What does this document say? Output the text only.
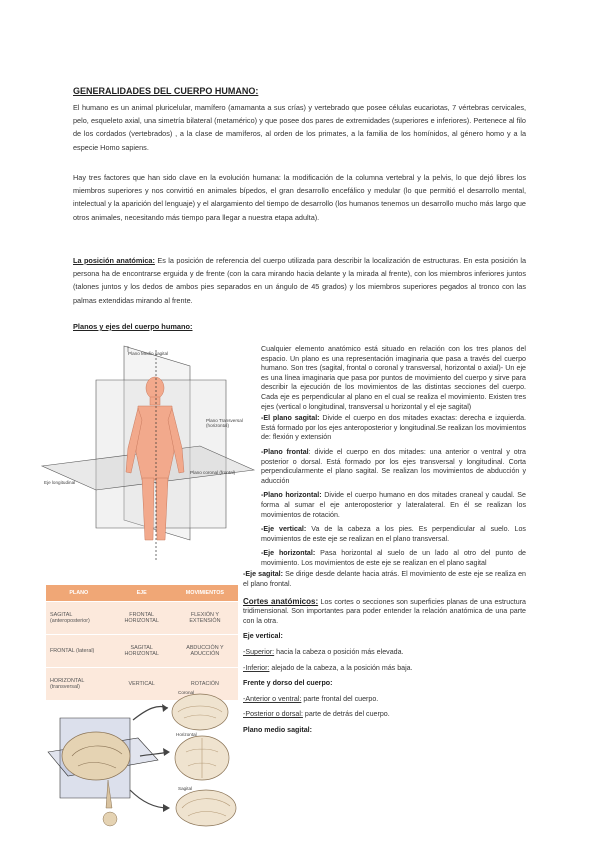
GENERALIDADES DEL CUERPO HUMANO:

El humano es un animal pluricelular, mamífero (amamanta a sus crías) y vertebrado que posee células eucariotas, 7 vértebras cervicales, pelo, esqueleto axial, una simetría bilateral (metamérico) y que posee dos pares de extremidades (superiores e inferiores). Pertenece al filo de los cordados (vertebrados) , a la clase de mamíferos, al orden de los primates, a la familia de los homínidos, al género homo y a la especie Homo sapiens.

Hay tres factores que han sido clave en la evolución humana: la modificación de la columna vertebral y la pelvis, lo que dejó libres los miembros superiores y nos convirtió en animales bípedos, el gran desarrollo encefálico y medular (lo que permitió el desarrollo mental, intelectual y la aparición del lenguaje) y el alargamiento del tiempo de desarrollo (los humanos tenemos un desarrollo mucho más largo que otros animales, necesitando más tiempo para llegar a nuestra etapa adulta).

La posición anatómica: Es la posición de referencia del cuerpo utilizada para describir la localización de estructuras. En esta posición la persona ha de encontrarse erguida y de frente (con la cara mirando hacia delante y la mirada al frente), con los miembros inferiores juntos (talones juntos y los dedos de ambos pies separados en un ángulo de 45 grados) y los miembros superiores pegados al tronco con las palmas extendidas mirando al frente.

Planos y ejes del cuerpo humano:
Plano Medio sagital
Plano Transversal (horizontal)
Plano coronal (frontal)
Eje longitudinal

Cualquier elemento anatómico está situado en relación con los tres planos del espacio. Un plano es una representación imaginaria que pasa a través del cuerpo humano. Son tres (sagital, frontal o coronal y transversal, horizontal o axial)- Un eje es una línea imaginaria que pasa por puntos de movimiento del cuerpo y sirve para describir la ejecución de los movimientos de las distintas secciones del cuerpo. Cada eje es perpendicular al plano en el cual se realiza el movimiento. Existen tres ejes (vertical o longitudinal, transversal u horizontal y el eje sagital)

-El plano sagital: Divide el cuerpo en dos mitades exactas: derecha e izquierda. Está formado por los ejes anteroposterior y longitudinal.Se realizan los movimientos de: flexión y extensión

-Plano frontal: divide el cuerpo en dos mitades: una anterior o ventral y otra posterior o dorsal. Está formado por los ejes transversal y longitudinal. Corta perpendicularmente el plano sagital. Se realizan los movimientos de abducción y aducción

-Plano horizontal: Divide el cuerpo humano en dos mitades craneal y caudal. Se forma al sumar el eje anteroposterior y lateralateral. En él se realizan los movimientos de rotación.

-Eje vertical: Va de la cabeza a los pies. Es perpendicular al suelo. Los movimientos de este eje se realizan en el plano transversal.

-Eje horizontal: Pasa horizontal al suelo de un lado al otro del punto de movimiento. Los movimientos de este eje se realizan en el plano sagital

-Eje sagital: Se dirige desde delante hacia atrás. El movimiento de este eje se realiza en el plano frontal.

Cortes anatómicos: Los cortes o secciones son superficies planas de una estructura tridimensional. Son importantes para poder entender la relación anatómica de una parte con la otra.

Eje vertical:

-Superior: hacia la cabeza o posición más elevada.

-Inferior: alejado de la cabeza, a la posición más baja.

Frente y dorso del cuerpo:

-Anterior o ventral: parte frontal del cuerpo.

-Posterior o dorsal: parte de detrás del cuerpo.

Plano medio sagital:

PLANO	EJE	MOVIMIENTOS
SAGITAL (anteroposterior)	FRONTAL HORIZONTAL	FLEXIÓN Y EXTENSIÓN
FRONTAL (lateral)	SAGITAL HORIZONTAL	ABDUCCIÓN Y ADUCCIÓN
HORIZONTAL (transversal)	VERTICAL	ROTACIÓN
Coronal
Horizontal
Sagital
